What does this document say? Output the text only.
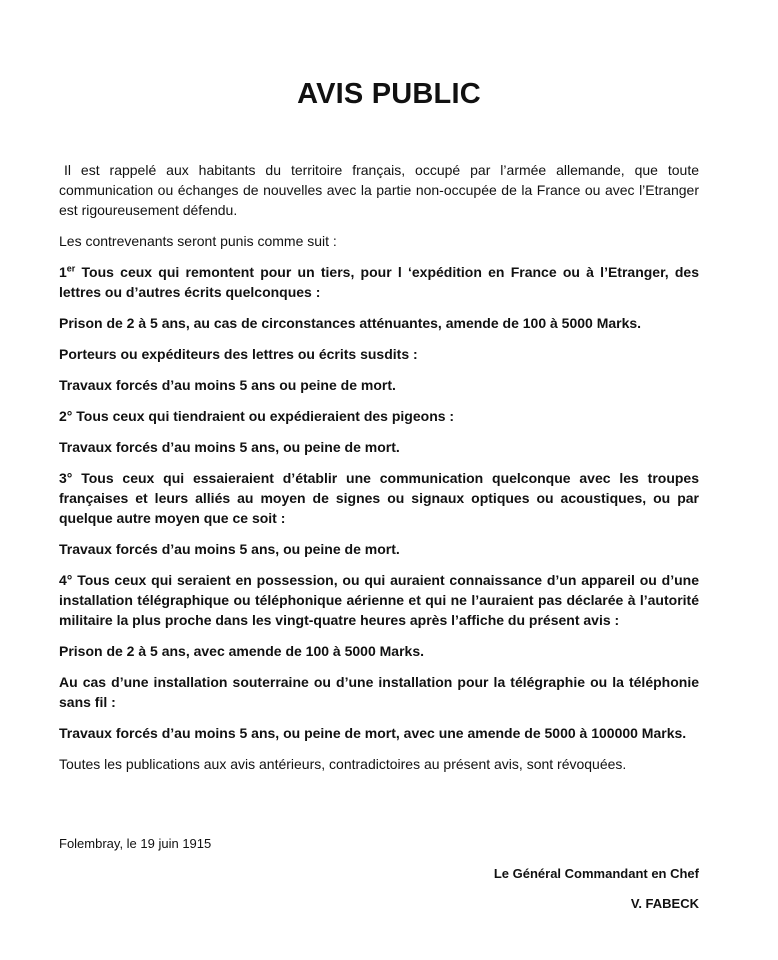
AVIS PUBLIC

Il est rappelé aux habitants du territoire français, occupé par l’armée allemande, que toute communication ou échanges de nouvelles avec la partie non-occupée de la France ou avec l’Etranger est rigoureusement défendu.

Les contrevenants seront punis comme suit :

1er Tous ceux qui remontent pour un tiers, pour l ‘expédition en France ou à l’Etranger, des lettres ou d’autres écrits quelconques :

Prison de 2 à 5 ans, au cas de circonstances atténuantes, amende de 100 à 5000 Marks.

Porteurs ou expéditeurs des lettres ou écrits susdits :

Travaux forcés d’au moins 5 ans ou peine de mort.

2° Tous ceux qui tiendraient ou expédieraient des pigeons :

Travaux forcés d’au moins 5 ans, ou peine de mort.

3° Tous ceux qui essaieraient d’établir une communication quelconque avec les troupes françaises et leurs alliés au moyen de signes ou signaux optiques ou acoustiques, ou par quelque autre moyen que ce soit :

Travaux forcés d’au moins 5 ans, ou peine de mort.

4° Tous ceux qui seraient en possession, ou qui auraient connaissance d’un appareil ou d’une installation télégraphique ou téléphonique aérienne et qui ne l’auraient pas déclarée à l’autorité militaire la plus proche dans les vingt-quatre heures après l’affiche du présent avis :

Prison de 2 à 5 ans, avec amende de 100 à 5000 Marks.

Au cas d’une installation souterraine ou d’une installation pour la télégraphie ou la téléphonie sans fil :

Travaux forcés d’au moins 5 ans, ou peine de mort, avec une amende de 5000 à 100000 Marks.

Toutes les publications aux avis antérieurs, contradictoires au présent avis, sont révoquées.

Folembray, le 19 juin 1915

Le Général Commandant en Chef

V. FABECK
